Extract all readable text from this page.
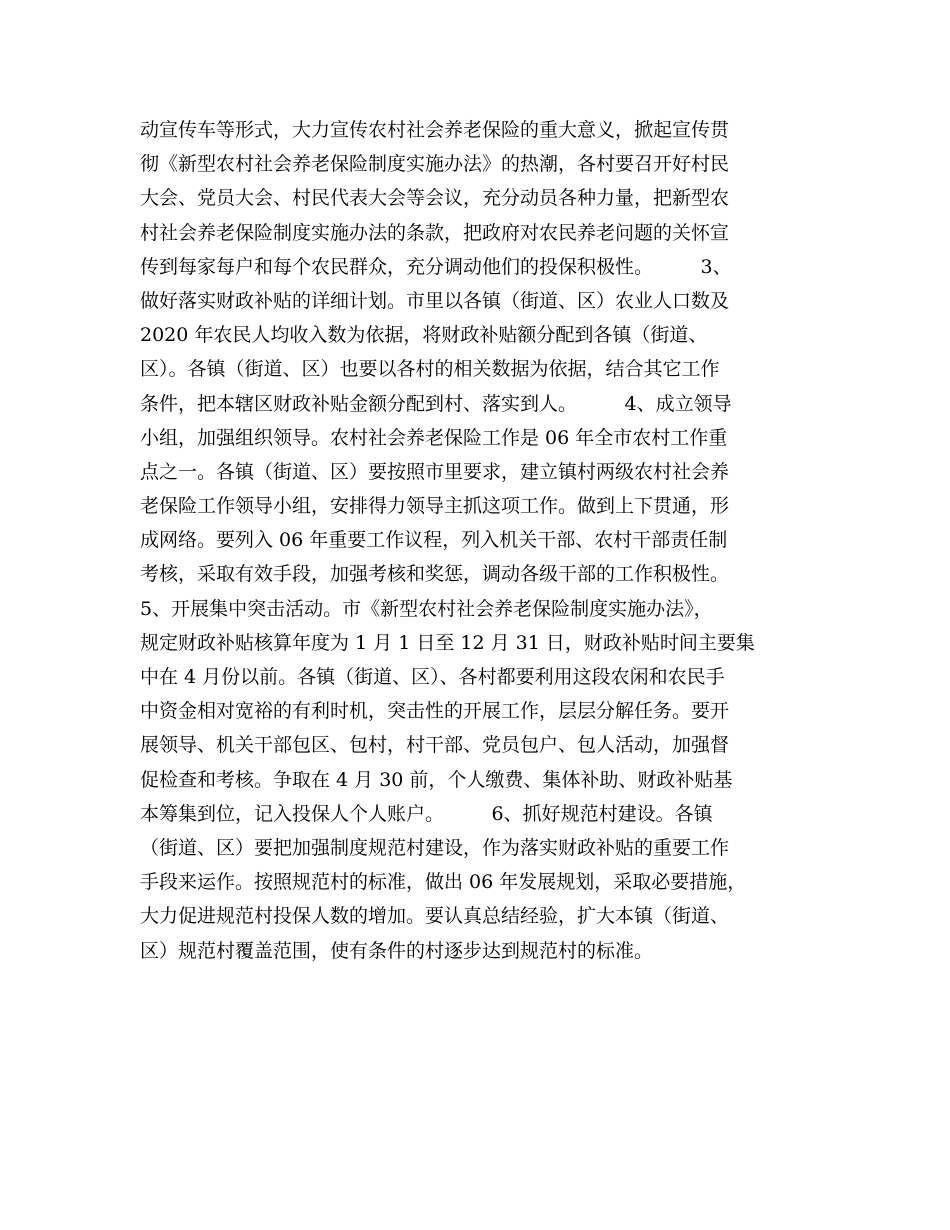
动宣传车等形式，大力宣传农村社会养老保险的重大意义，掀起宣传贯
彻《新型农村社会养老保险制度实施办法》的热潮，各村要召开好村民
大会、党员大会、村民代表大会等会议，充分动员各种力量，把新型农
村社会养老保险制度实施办法的条款，把政府对农民养老问题的关怀宣
传到每家每户和每个农民群众，充分调动他们的投保积极性。　　　3、
做好落实财政补贴的详细计划。市里以各镇（街道、区）农业人口数及
2020 年农民人均收入数为依据，将财政补贴额分配到各镇（街道、
区）。各镇（街道、区）也要以各村的相关数据为依据，结合其它工作
条件，把本辖区财政补贴金额分配到村、落实到人。　　　4、成立领导
小组，加强组织领导。农村社会养老保险工作是 06 年全市农村工作重
点之一。各镇（街道、区）要按照市里要求，建立镇村两级农村社会养
老保险工作领导小组，安排得力领导主抓这项工作。做到上下贯通，形
成网络。要列入 06 年重要工作议程，列入机关干部、农村干部责任制
考核，采取有效手段，加强考核和奖惩，调动各级干部的工作积极性。
5、开展集中突击活动。市《新型农村社会养老保险制度实施办法》，
规定财政补贴核算年度为 1 月 1 日至 12 月 31 日，财政补贴时间主要集
中在 4 月份以前。各镇（街道、区）、各村都要利用这段农闲和农民手
中资金相对宽裕的有利时机，突击性的开展工作，层层分解任务。要开
展领导、机关干部包区、包村，村干部、党员包户、包人活动，加强督
促检查和考核。争取在 4 月 30 前，个人缴费、集体补助、财政补贴基
本筹集到位，记入投保人个人账户。　　　6、抓好规范村建设。各镇
（街道、区）要把加强制度规范村建设，作为落实财政补贴的重要工作
手段来运作。按照规范村的标准，做出 06 年发展规划，采取必要措施，
大力促进规范村投保人数的增加。要认真总结经验，扩大本镇（街道、
区）规范村覆盖范围，使有条件的村逐步达到规范村的标准。
